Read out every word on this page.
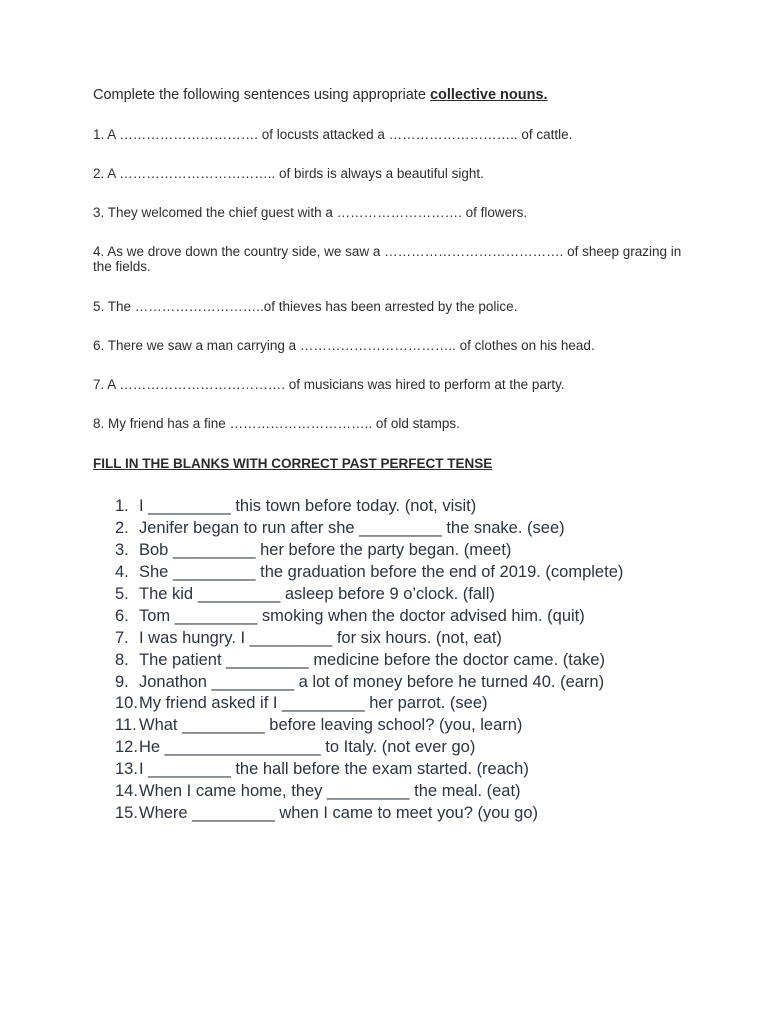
Complete the following sentences using appropriate collective nouns.
1. A …………………………. of locusts attacked a ……………………….. of cattle.
2. A …………………………….. of birds is always a beautiful sight.
3. They welcomed the chief guest with a ………………………. of flowers.
4. As we drove down the country side, we saw a …………………………………. of sheep grazing in the fields.
5. The ………………………..of thieves has been arrested by the police.
6. There we saw a man carrying a …………………………….. of clothes on his head.
7. A ………………………………. of musicians was hired to perform at the party.
8. My friend has a fine ………………………….. of old stamps.
FILL IN THE BLANKS WITH CORRECT PAST PERFECT TENSE
1. I _________ this town before today. (not, visit)
2. Jenifer began to run after she _________ the snake. (see)
3. Bob _________ her before the party began. (meet)
4. She _________ the graduation before the end of 2019. (complete)
5. The kid _________ asleep before 9 o’clock. (fall)
6. Tom _________ smoking when the doctor advised him. (quit)
7. I was hungry. I _________ for six hours. (not, eat)
8. The patient _________ medicine before the doctor came. (take)
9. Jonathon _________ a lot of money before he turned 40. (earn)
10. My friend asked if I _________ her parrot. (see)
11. What _________ before leaving school? (you, learn)
12. He _________________ to Italy. (not ever go)
13. I _________ the hall before the exam started. (reach)
14. When I came home, they _________ the meal. (eat)
15. Where _________ when I came to meet you? (you go)
